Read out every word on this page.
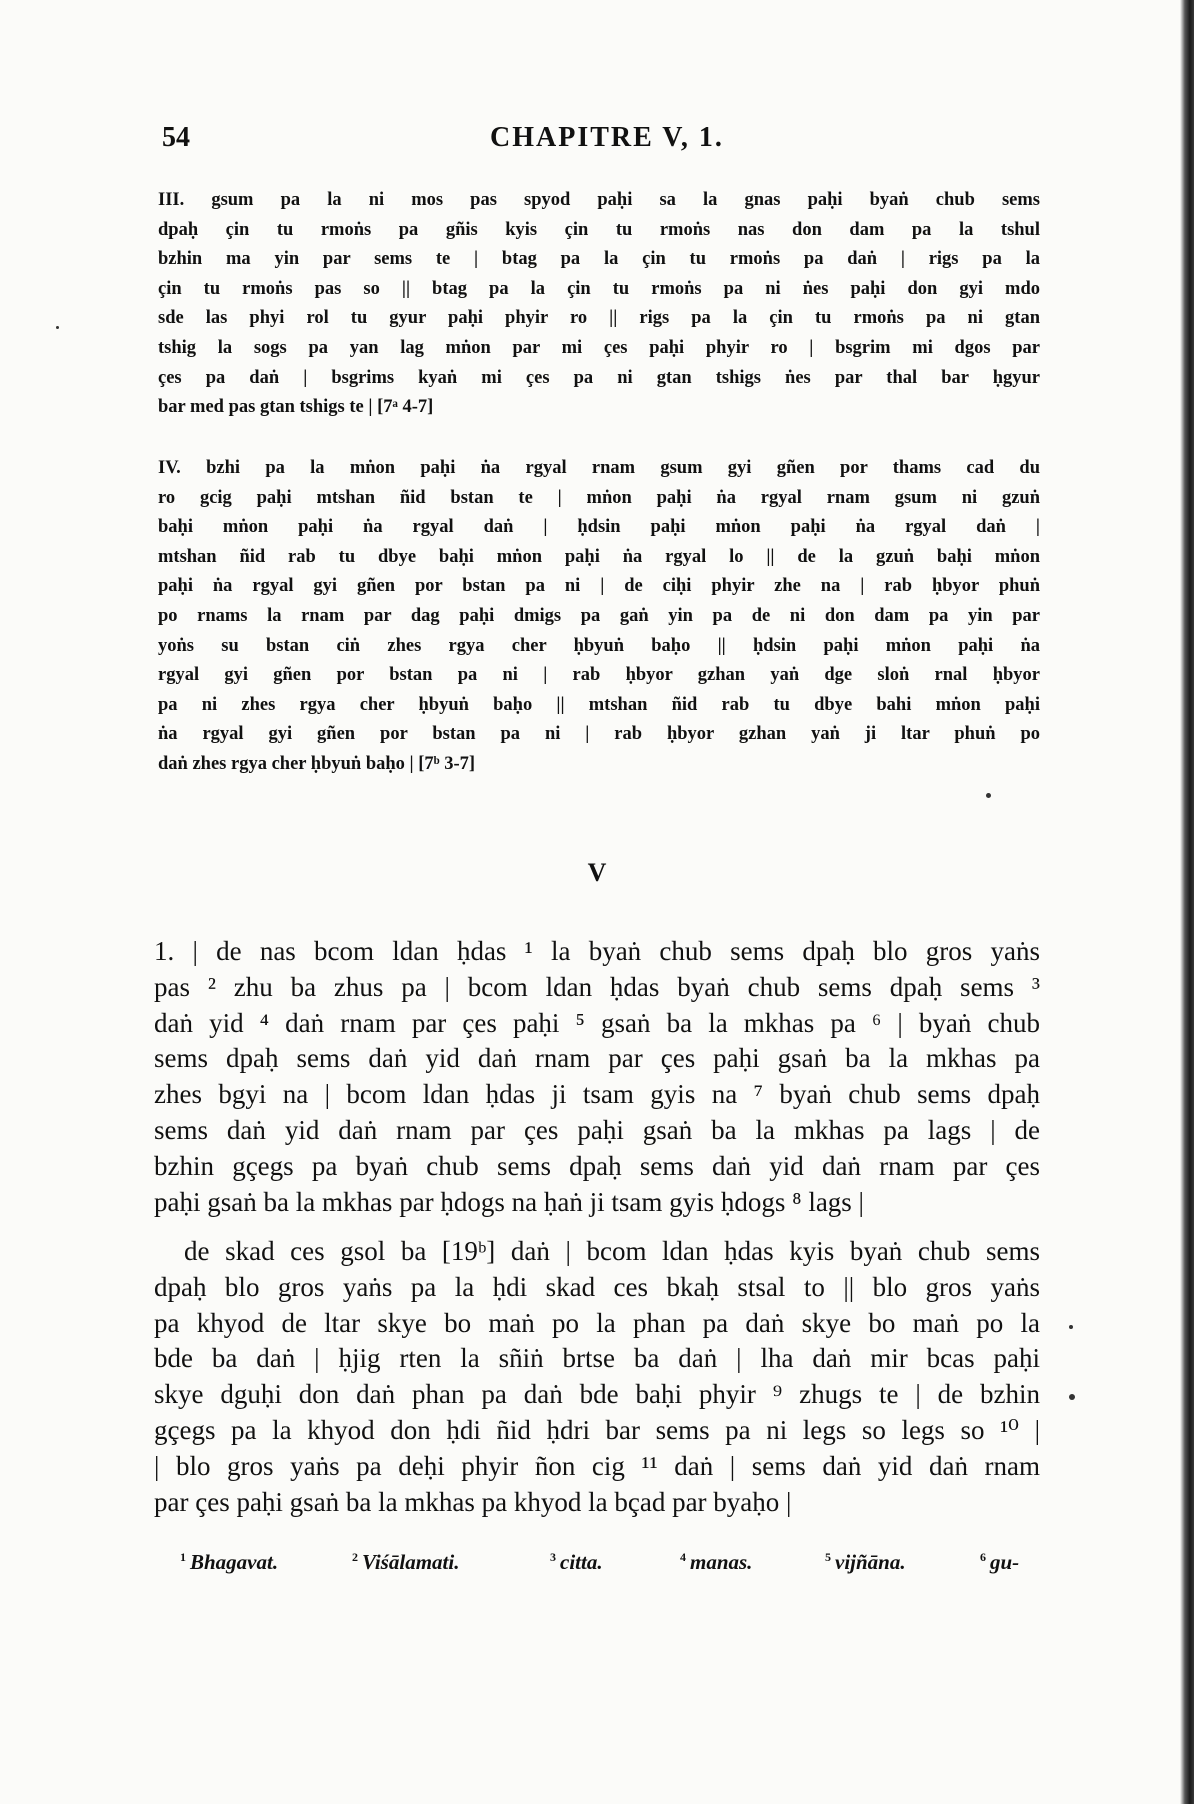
54	CHAPITRE V, 1.
III. gsum pa la ni mos pas spyod paḥi sa la gnas paḥi byaṅ chub sems
dpaḥ çin tu rmoṅs pa gñis kyis çin tu rmoṅs nas don dam pa la tshul
bzhin ma yin par sems te | btag pa la çin tu rmoṅs pa daṅ | rigs pa la
çin tu rmoṅs pas so || btag pa la çin tu rmoṅs pa ni ṅes paḥi don gyi mdo
sde las phyi rol tu gyur paḥi phyir ro || rigs pa la çin tu rmoṅs pa ni gtan
tshig la sogs pa yan lag mṅon par mi çes paḥi phyir ro | bsgrim mi dgos par
çes pa daṅ | bsgrims kyaṅ mi çes pa ni gtan tshigs ṅes par thal bar ḥgyur
bar med pas gtan tshigs te | [7ᵃ 4-7]
IV. bzhi pa la mṅon paḥi ṅa rgyal rnam gsum gyi gñen por thams cad du
ro gcig paḥi mtshan ñid bstan te | mṅon paḥi ṅa rgyal rnam gsum ni gzuṅ
baḥi mṅon paḥi ṅa rgyal daṅ | ḥdsin paḥi mṅon paḥi ṅa rgyal daṅ |
mtshan ñid rab tu dbye baḥi mṅon paḥi ṅa rgyal lo || de la gzuṅ baḥi mṅon
paḥi ṅa rgyal gyi gñen por bstan pa ni | de ciḥi phyir zhe na | rab ḥbyor phuṅ
po rnams la rnam par dag paḥi dmigs pa gaṅ yin pa de ni don dam pa yin par
yoṅs su bstan ciṅ zhes rgya cher ḥbyuṅ baḥo || ḥdsin paḥi mṅon paḥi ṅa
rgyal gyi gñen por bstan pa ni | rab ḥbyor gzhan yaṅ dge sloṅ rnal ḥbyor
pa ni zhes rgya cher ḥbyuṅ baḥo || mtshan ñid rab tu dbye bahi mṅon paḥi
ṅa rgyal gyi gñen por bstan pa ni | rab ḥbyor gzhan yaṅ ji ltar phuṅ po
daṅ zhes rgya cher ḥbyuṅ baḥo | [7ᵇ 3-7]
V
1. | de nas bcom ldan ḥdas ¹ la byaṅ chub sems dpaḥ blo gros yaṅs
pas ² zhu ba zhus pa | bcom ldan ḥdas byaṅ chub sems dpaḥ sems ³
daṅ yid ⁴ daṅ rnam par çes paḥi ⁵ gsaṅ ba la mkhas pa ⁶ | byaṅ chub
sems dpaḥ sems daṅ yid daṅ rnam par çes paḥi gsaṅ ba la mkhas pa
zhes bgyi na | bcom ldan ḥdas ji tsam gyis na ⁷ byaṅ chub sems dpaḥ
sems daṅ yid daṅ rnam par çes paḥi gsaṅ ba la mkhas pa lags | de
bzhin gçegs pa byaṅ chub sems dpaḥ sems daṅ yid daṅ rnam par çes
paḥi gsaṅ ba la mkhas par ḥdogs na ḥaṅ ji tsam gyis ḥdogs ⁸ lags |
de skad ces gsol ba [19ᵇ] daṅ | bcom ldan ḥdas kyis byaṅ chub sems
dpaḥ blo gros yaṅs pa la ḥdi skad ces bkaḥ stsal to || blo gros yaṅs
pa khyod de ltar skye bo maṅ po la phan pa daṅ skye bo maṅ po la
bde ba daṅ | ḥjig rten la sñiṅ brtse ba daṅ | lha daṅ mir bcas paḥi
skye dguḥi don daṅ phan pa daṅ bde baḥi phyir ⁹ zhugs te | de bzhin
gçegs pa la khyod don ḥdi ñid ḥdri bar sems pa ni legs so legs so ¹⁰ |
| blo gros yaṅs pa deḥi phyir ñon cig ¹¹ daṅ | sems daṅ yid daṅ rnam
par çes paḥi gsaṅ ba la mkhas pa khyod la bçad par byaḥo |
$^1$ Bhagavat.	$^2$ Viśālamati.	$^3$ citta.	$^4$ manas.	$^5$ vijñāna.	$^6$ gu-
